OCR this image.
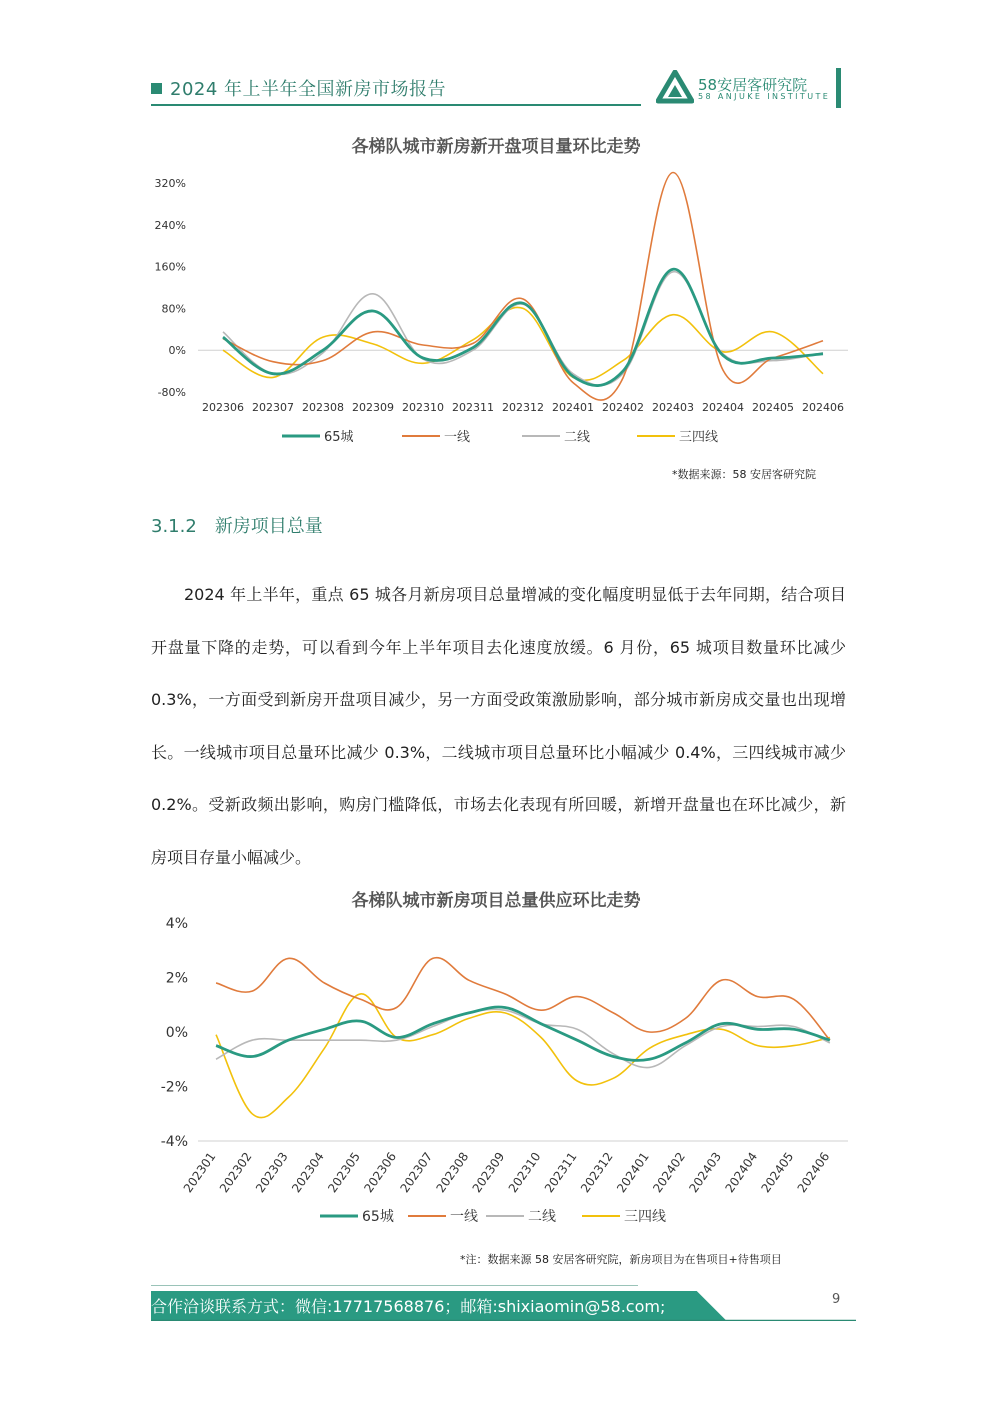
2024 年上半年全国新房市场报告	58安居客研究院
58 ANJUKE INSTITUTE
各梯队城市新房新开盘项目量环比走势
-80%
0%
80%
160%
240%
320%
202306 202307 202308 202309 202310 202311 202312 202401 202402 202403 202404 202405 202406
65城	一线	二线	三四线
*数据来源：58 安居客研究院
3.1.2 新房项目总量

2024 年上半年，重点 65 城各月新房项目总量增减的变化幅度明显低于去年同期，结合项目开盘量下降的走势，可以看到今年上半年项目去化速度放缓。6 月份，65 城项目数量环比减少 0.3%，一方面受到新房开盘项目减少，另一方面受政策激励影响，部分城市新房成交量也出现增长。一线城市项目总量环比减少 0.3%，二线城市项目总量环比小幅减少 0.4%，三四线城市减少 0.2%。受新政频出影响，购房门槛降低，市场去化表现有所回暖，新增开盘量也在环比减少，新房项目存量小幅减少。

各梯队城市新房项目总量供应环比走势
-4%
-2%
0%
2%
4%
202301
202302
202303
202304
202305
202306
202307
202308
202309
202310
202311
202312
202401
202402
202403
202404
202405
202406
65城	一线	二线	三四线
*注：数据来源 58 安居客研究院，新房项目为在售项目+待售项目
合作洽谈联系方式：微信:17717568876；邮箱:shixiaomin@58.com;	9
